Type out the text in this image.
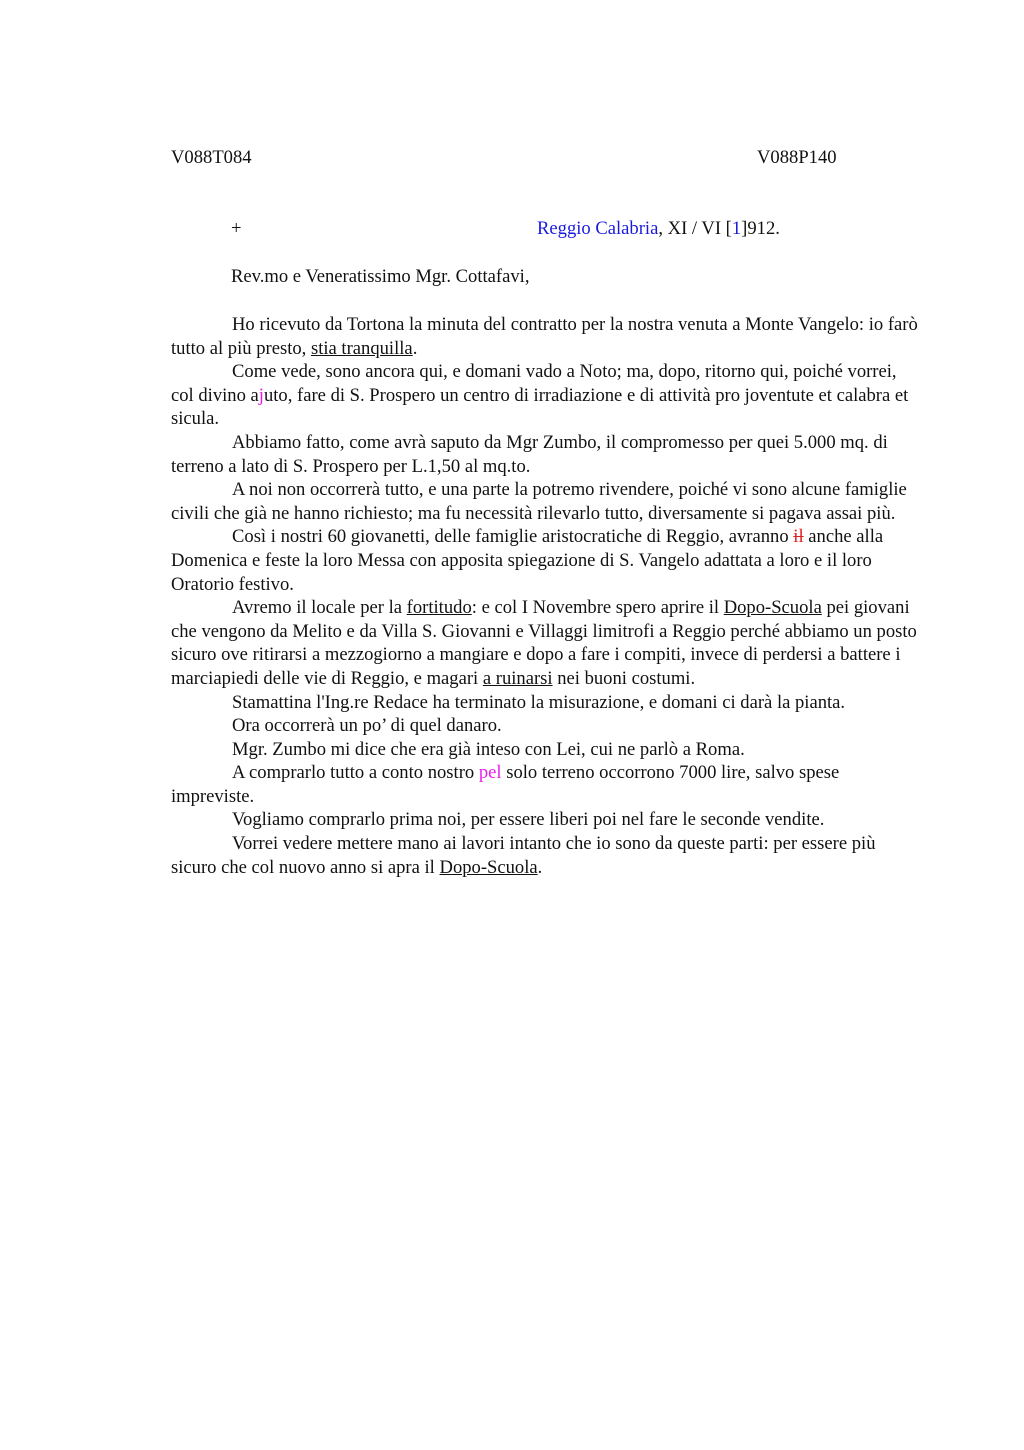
V088T084	V088P140
+	Reggio Calabria, XI / VI [1]912.
Rev.mo e Veneratissimo Mgr. Cottafavi,

Ho ricevuto da Tortona la minuta del contratto per la nostra venuta a Monte Vangelo: io farò tutto al più presto, stia tranquilla.

Come vede, sono ancora qui, e domani vado a Noto; ma, dopo, ritorno qui, poiché vorrei, col divino ajuto, fare di S. Prospero un centro di irradiazione e di attività pro joventute et calabra et sicula.

Abbiamo fatto, come avrà saputo da Mgr Zumbo, il compromesso per quei 5.000 mq. di terreno a lato di S. Prospero per L.1,50 al mq.to.

A noi non occorrerà tutto, e una parte la potremo rivendere, poiché vi sono alcune famiglie civili che già ne hanno richiesto; ma fu necessità rilevarlo tutto, diversamente si pagava assai più.

Così i nostri 60 giovanetti, delle famiglie aristocratiche di Reggio, avranno il anche alla Domenica e feste la loro Messa con apposita spiegazione di S. Vangelo adattata a loro e il loro Oratorio festivo.

Avremo il locale per la fortitudo: e col I Novembre spero aprire il Dopo-Scuola pei giovani che vengono da Melito e da Villa S. Giovanni e Villaggi limitrofi a Reggio perché abbiamo un posto sicuro ove ritirarsi a mezzogiorno a mangiare e dopo a fare i compiti, invece di perdersi a battere i marciapiedi delle vie di Reggio, e magari a ruinarsi nei buoni costumi.

Stamattina l'Ing.re Redace ha terminato la misurazione, e domani ci darà la pianta.

Ora occorrerà un po’ di quel danaro.

Mgr. Zumbo mi dice che era già inteso con Lei, cui ne parlò a Roma.

A comprarlo tutto a conto nostro pel solo terreno occorrono 7000 lire, salvo spese impreviste.

Vogliamo comprarlo prima noi, per essere liberi poi nel fare le seconde vendite.

Vorrei vedere mettere mano ai lavori intanto che io sono da queste parti: per essere più sicuro che col nuovo anno si apra il Dopo-Scuola.
